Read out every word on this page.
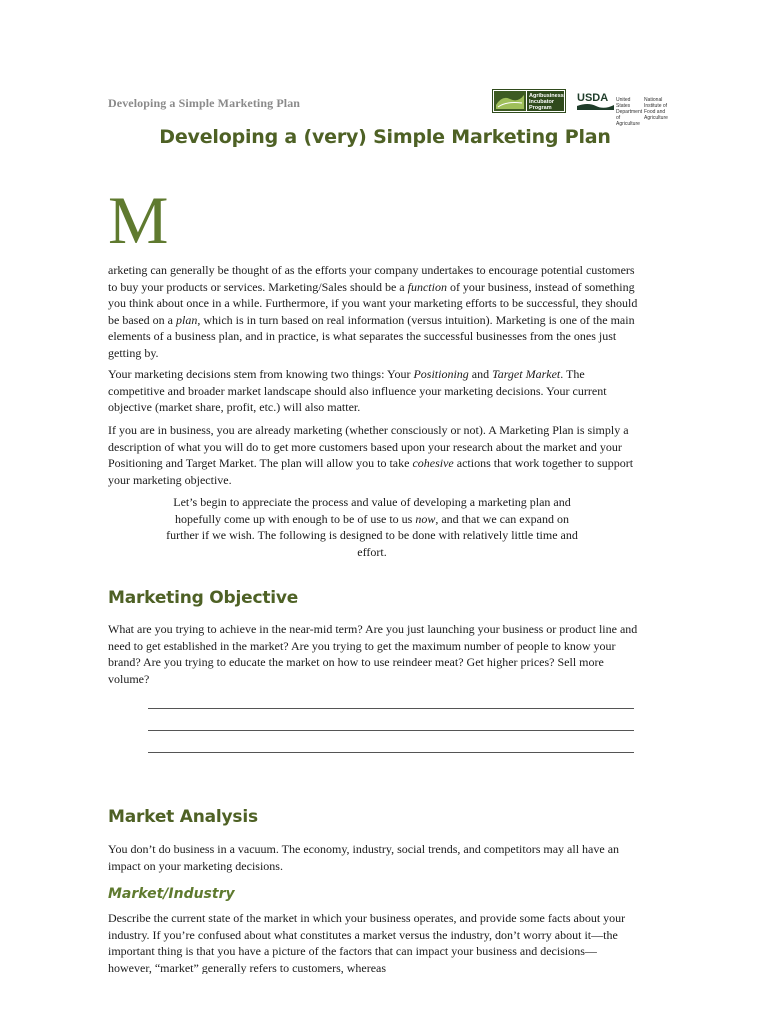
Developing a Simple Marketing Plan	Agribusiness
Incubator
Program
USDA United States Department of Agriculture
National Institute of Food and Agriculture
Developing a (very) Simple Marketing Plan
M

arketing can generally be thought of as the efforts your company undertakes to encourage potential customers to buy your products or services. Marketing/Sales should be a function of your business, instead of something you think about once in a while. Furthermore, if you want your marketing efforts to be successful, they should be based on a plan, which is in turn based on real information (versus intuition). Marketing is one of the main elements of a business plan, and in practice, is what separates the successful businesses from the ones just getting by.

Your marketing decisions stem from knowing two things: Your Positioning and Target Market. The competitive and broader market landscape should also influence your marketing decisions. Your current objective (market share, profit, etc.) will also matter.

If you are in business, you are already marketing (whether consciously or not). A Marketing Plan is simply a description of what you will do to get more customers based upon your research about the market and your Positioning and Target Market. The plan will allow you to take cohesive actions that work together to support your marketing objective.

Let’s begin to appreciate the process and value of developing a marketing plan and hopefully come up with enough to be of use to us now, and that we can expand on further if we wish. The following is designed to be done with relatively little time and effort.

Marketing Objective

What are you trying to achieve in the near-mid term? Are you just launching your business or product line and need to get established in the market? Are you trying to get the maximum number of people to know your brand? Are you trying to educate the market on how to use reindeer meat? Get higher prices? Sell more volume?

Market Analysis

You don’t do business in a vacuum. The economy, industry, social trends, and competitors may all have an impact on your marketing decisions.

Market/Industry

Describe the current state of the market in which your business operates, and provide some facts about your industry. If you’re confused about what constitutes a market versus the industry, don’t worry about it—the important thing is that you have a picture of the factors that can impact your business and decisions—however, “market” generally refers to customers, whereas
